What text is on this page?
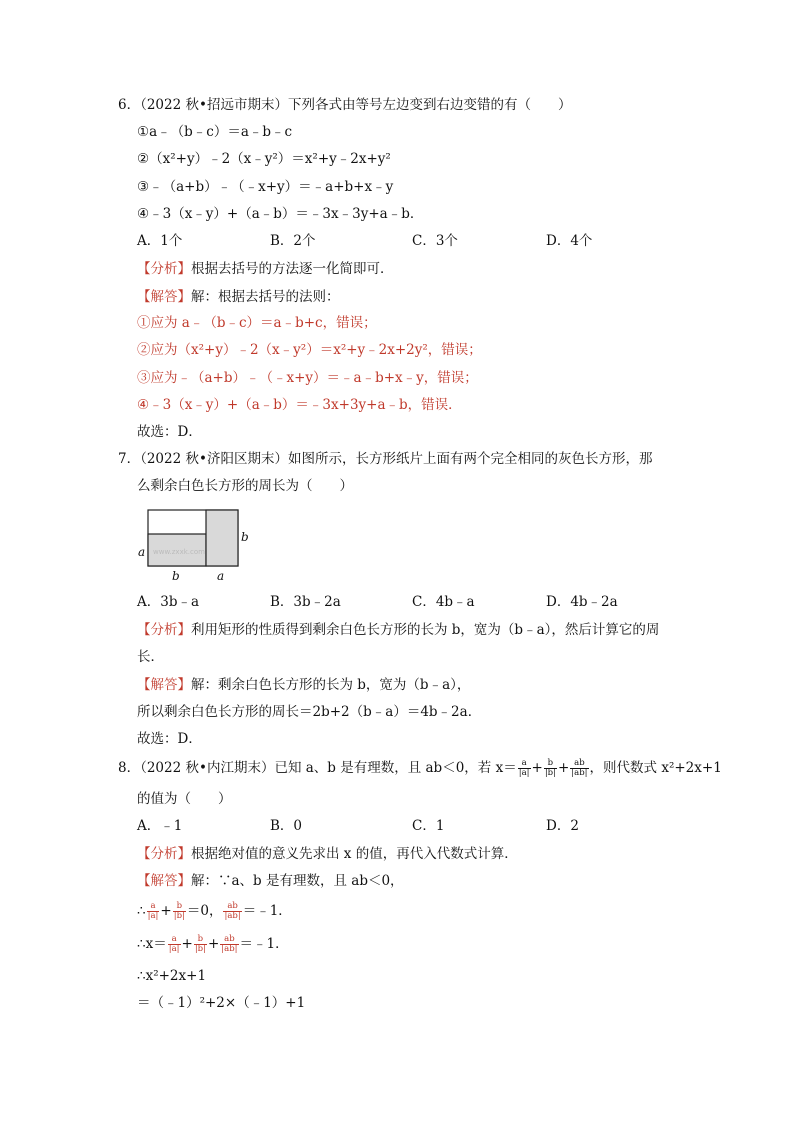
6．（2022 秋•招远市期末）下列各式由等号左边变到右边变错的有（　　）
①a﹣（b﹣c）＝a﹣b﹣c
②（x²+y）﹣2（x﹣y²）＝x²+y﹣2x+y²
③﹣（a+b）﹣（﹣x+y）＝﹣a+b+x﹣y
④﹣3（x﹣y）+（a﹣b）＝﹣3x﹣3y+a﹣b．
A．1个	B．2个	C．3个	D．4个
【分析】根据去括号的方法逐一化简即可．
【解答】解：根据去括号的法则：
①应为 a﹣（b﹣c）＝a﹣b+c，错误；
②应为（x²+y）﹣2（x﹣y²）＝x²+y﹣2x+2y²，错误；
③应为﹣（a+b）﹣（﹣x+y）＝﹣a﹣b+x﹣y，错误；
④﹣3（x﹣y）+（a﹣b）＝﹣3x+3y+a﹣b，错误．
故选：D．
7．（2022 秋•济阳区期末）如图所示，长方形纸片上面有两个完全相同的灰色长方形，那
么剩余白色长方形的周长为（　　）
www.zxxk.com
a
b
b	a
A．3b﹣a	B．3b﹣2a	C．4b﹣a	D．4b﹣2a
【分析】利用矩形的性质得到剩余白色长方形的长为 b，宽为（b﹣a），然后计算它的周
长．
【解答】解：剩余白色长方形的长为 b，宽为（b﹣a），
所以剩余白色长方形的周长＝2b+2（b﹣a）＝4b﹣2a．
故选：D．
8．（2022 秋•内江期末）已知 a、b 是有理数，且 ab＜0，若 $x= \frac{a}{|a|} + \frac{b}{|b|} + \frac{ab}{|ab|}$ ，则代数式 x²+2x+1
的值为（　　）
A．﹣1	B．0	C．1	D．2
【分析】根据绝对值的意义先求出 x 的值，再代入代数式计算．
【解答】解：∵a、b 是有理数，且 ab＜0，
∴ $\frac{a}{|a|} + \frac{b}{|b|} =0$， $\frac{ab}{|ab|}$ ＝﹣1．
∴x＝ $\frac{a}{|a|} + \frac{b}{|b|} + \frac{ab}{|ab|}$ ＝﹣1．
∴x²+2x+1
＝（﹣1）²+2×（﹣1）+1
